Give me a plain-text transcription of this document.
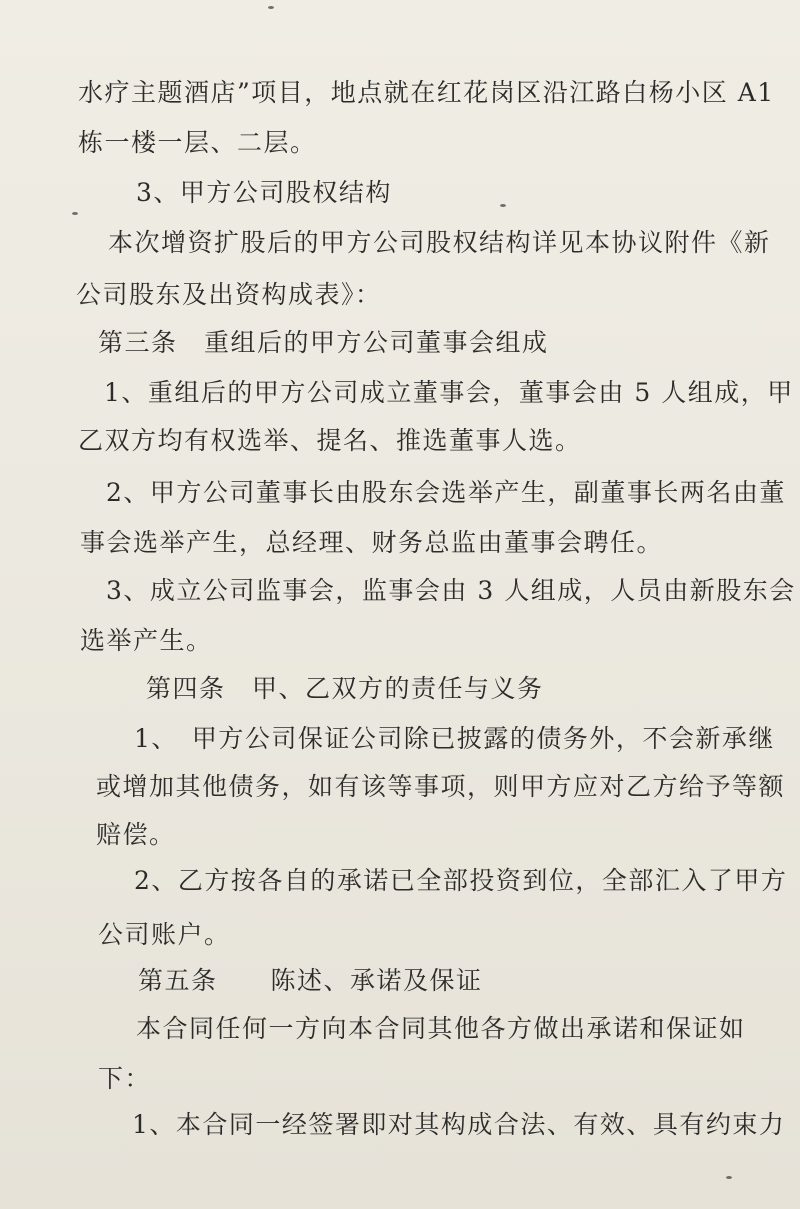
水疗主题酒店”项目，地点就在红花岗区沿江路白杨小区 A1
栋一楼一层、二层。
3、甲方公司股权结构
本次增资扩股后的甲方公司股权结构详见本协议附件《新
公司股东及出资构成表》：
第三条　重组后的甲方公司董事会组成
1、重组后的甲方公司成立董事会，董事会由 5 人组成，甲
乙双方均有权选举、提名、推选董事人选。
2、甲方公司董事长由股东会选举产生，副董事长两名由董
事会选举产生，总经理、财务总监由董事会聘任。
3、成立公司监事会，监事会由 3 人组成，人员由新股东会
选举产生。
第四条　甲、乙双方的责任与义务
1、　甲方公司保证公司除已披露的债务外，不会新承继
或增加其他债务，如有该等事项，则甲方应对乙方给予等额
赔偿。
2、乙方按各自的承诺已全部投资到位，全部汇入了甲方
公司账户。
第五条　　陈述、承诺及保证
本合同任何一方向本合同其他各方做出承诺和保证如
下：
1、本合同一经签署即对其构成合法、有效、具有约束力
